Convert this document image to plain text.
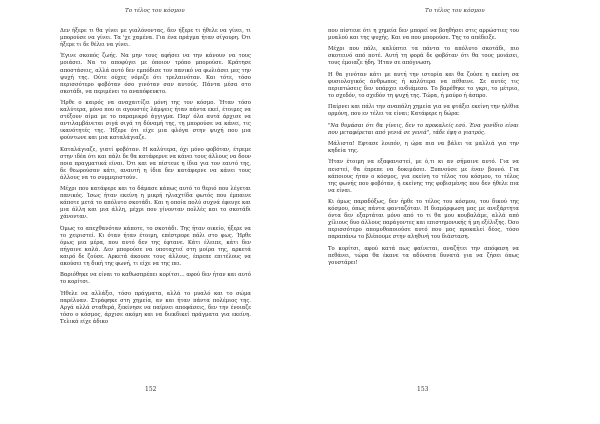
Το τέλος του κόσμου

Δεν ήξερε τι θα γίνει με γιαλόνοντας, δεν ήξερε τι ήθελε να γίνει, τι μπορούσε να γίνει. Τα 'χε χαμένα. Για ένα πράγμα ήταν σίγουρη. Ότι ήξερε τι δε θέλει να γίνει.

Έγινε σκοπός ζωής. Να μην τους αφήσει να την κάνουν να τους μοιάσει. Να το αποφύγει με όποιον τρόπο μπορούσε. Κράτησε αποστάσεις, αλλά αυτό δεν εμπόδισε τον πανικό να φωλιάσει μες την ψυχή της. Ούτε ούχες νόμιζε ότι τρελαινόταν. Και τότε, τόσο περισσότερο φοβόταν όσο γινόταν σαν αυτούς. Πάντα μέσα στο σκοτάδι, να περιμένει το αναπόφευκτο.

Ήρθε ο καιρός να αναχαιτίζει μόνη της τον κόσμο. Ήταν τόσο καλύτερα, μόνο που οι αγουστές λάμψεις ήταν πάντα εκεί, έτοιμες να στέξουν αίμα με το παραμικρό άγγιγμα. Παρ' όλα αυτά άρχισε να αντιλαμβάνεται σιγά σιγά τη δύναμή της, τη μπορούσε να κάνει, τις ικανότητές της. Ήξερε ότι είχε μια φλόγα στην ψυχή που μια φούντωνε και μια καταλάγιαζε.

Καταλάγιαζε, γιατί φοβόταν. Η καλύτερα, όχι μόνο φοβόταν, έτρεμε στην ιδέα ότι και πάλι δε θα κατάφερνε να κάνει τους άλλους να δουν ποια πραγματικά είναι. Ότι και να πίστευε η ίδια για τον εαυτό της, δε θεωρούσαν κάτι, αναυτή η ίδια δεν κατάφερνε να κάνει τους άλλους να το συμμεριστούν.

Μέχρι που κατάφερε και το δάμασε κάπως αυτό το θεριό που λέγεται πανικός. Ίσως ήταν εκείνη η μικρή ηλιαχτίδα φωτός που έμπαινε κάποτε μετά το απόλυτο σκοτάδι. Και η οποία πολύ συχνά έφευγε και μια άλλη και μια άλλη, μέχρι που γίνονταν πολλές και το σκοτάδι χάνονταν.

Όμως το απεχθανόταν κάποτε, το σκοτάδι. Της ήταν οικείο, ήξερε να το χειριστεί. Κι όταν ήταν έτοιμη, επέστρεφε πάλι στο φως. Ήρθε όμως μια μέρα, που αυτό δεν της έφτανε. Κάτι έλειπε, κάτι δεν πήγαινε καλά. Δεν μπορούσε να υποταχτεί στη μοίρα της, αρκετά καιρό δε ζούσε. Αρκετά άκουσε τους άλλους, έπρεπε επιτέλους να ακούσει τη δική της φωνή, τι είχε να της πει.

Βαριόθηκε να είναι το καθωσπρέπει κορίτσι... αφού δεν ήταν και αυτό το κορίτσι.

Ήθελε να αλλάξει, τόσο πράγματα, αλλά το μυαλό και το σώμα παρέλυαν. Στράφηκε στη χημεία, αν και ήταν πάντα πολέμιος της. Αργά αλλά σταθερά, ξεκίνησε να παίρνει αποφάσεις, δεν την ένοιαζε τόσο ο κόσμος, άρχισε ακόμη και να διεκδικεί πράγματα για εκείνη. Τελικά είχε άδικο

152
Το τέλος του κόσμου

που πίστευε ότι η χημεία δεν μπορεί να βοηθήσει στις αρρώστιες του μυαλού και της ψυχής. Και να που μπορούσε. Της το απέδειξε.

Μέχρι που πάλι, καλύπτει τα πάντα το απόλυτο σκοτάδι, πιο σκοτεινό από ποτέ. Αυτή τη φορά δε φοβόταν ότι θα τους μοιάσει, τους έμοιαζε ήδη. Ήταν σε απόγνωση.

Η θα γινόταν κάτι με αυτή την ιστορία και θα ζούσε η εκείνη σα φυσιολογικός άνθρωπος ή καλύτερα να πέθαινε. Σε αυτές τις περιπτώσεις δεν υπάρχει ενδιάμεσο. Το βαρέθηκε το γκρι, το μέτριο, το σχεδόν, το σχεδόν τη ψυχή της. Τώρα, ή μαύρο ή άσπρο.

Παίρνει και πάλι την αναπάλη χημεία για να φτάξει εκείνη την ηλίθια ορμόνη, που εν τέλει τα είναι; Κατάφερε η δώρα:

"Να θυμάσαι ότι θα γίνεις, δεν το προκαλείς εσύ. Ένα γονίδιο είναι που μεταφέρεται από γενιά σε γενιά", τάδε έφη ο γιατρός.

Μάλιστα! Εφτασε λοιπόν, η ώρα πια να βάλει τα μαλλιά για την κηδεία της.

Ήταν έτοιμη να εξαφανιστεί, με ό,τι κι αν σήμαινε αυτό. Για να πειστεί, θα έπρεπε να δοκιμάσει. Ξυπνούσε με έναν βουνό. Για κάποιους ήταν ο κόσμος, για εκείνη το τέλος του κόσμου, το τέλος της φωνής που φοβόταν, ή εκείνης της φοβισμένης που δεν ήθελε πια να είναι.

Κι όμως παραδόξως, δεν ήρθε το τέλος του κόσμου, του δικού της κόσμου, όπως πάντα φανταζόταν. Η διαμόρφωση μας με ανεξάρτητα όντα δεν εξαρτάται μόνο από το τι θα μου κουβαλάμε, αλλά από χίλιους δυο άλλους παράγοντες και επιστημονικής ή μη εξέλιξης. Όσο περισσότερο απομυθοποιούσε αυτό που μας προκαλεί δέος, τόσο παραπάνω το βλέπουμε στην αληθινή του διάσταση.

Το κορίτσι, αφού κατά πως φαίνεται, αναζήτει την απόφαση να πεθάνει, τώρα θα έκανε τα αδύνατα δυνατά για να ζήσει όπως γουστάρει!

153
